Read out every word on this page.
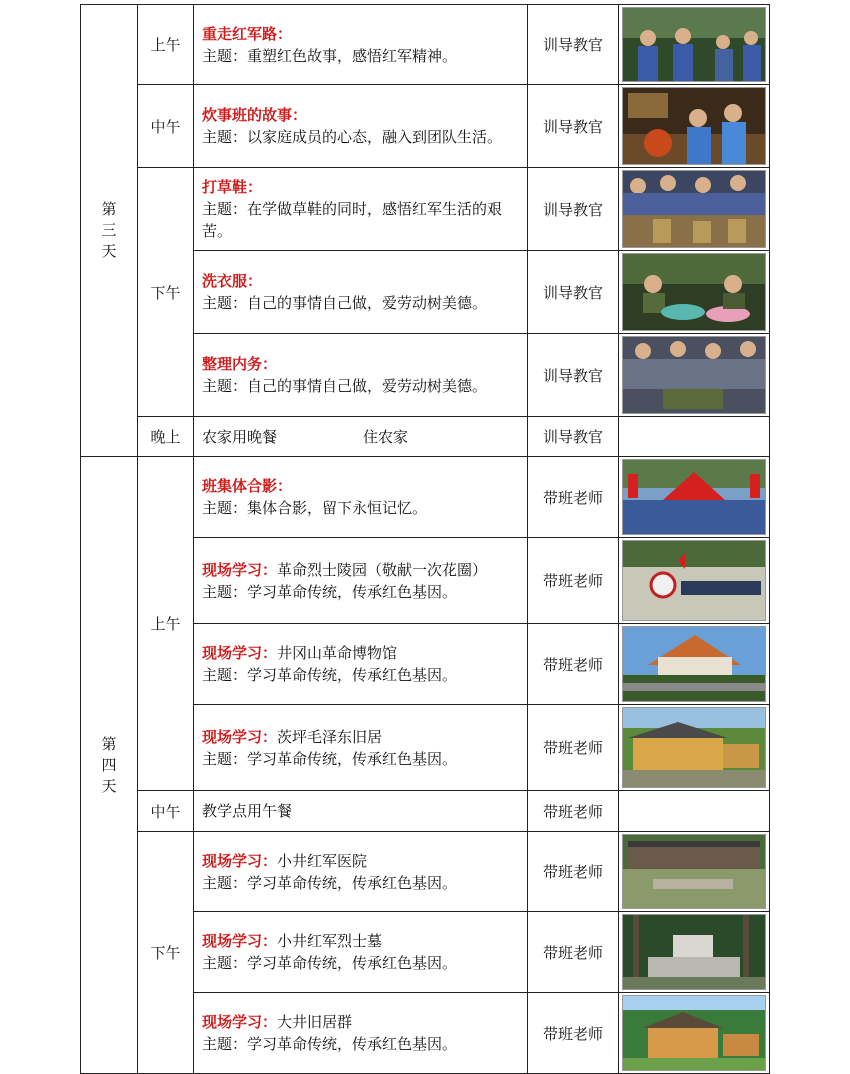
第
三
天	上午	重走红军路：
主题：重塑红色故事，感悟红军精神。	训导教官	

	中午	炊事班的故事：
主题：以家庭成员的心态，融入到团队生活。	训导教官	

	下午	打草鞋：
主题：在学做草鞋的同时，感悟红军生活的艰苦。	训导教官	

		洗衣服：
主题：自己的事情自己做，爱劳动树美德。	训导教官	

		整理内务：
主题：自己的事情自己做，爱劳动树美德。	训导教官	

	晚上	农家用晚餐 住农家	训导教官	

第
四
天	上午	班集体合影：
主题：集体合影，留下永恒记忆。	带班老师	

		现场学习：革命烈士陵园（敬献一次花圈）
主题：学习革命传统，传承红色基因。	带班老师	

		现场学习：井冈山革命博物馆
主题：学习革命传统，传承红色基因。	带班老师	

		现场学习：茨坪毛泽东旧居
主题：学习革命传统，传承红色基因。	带班老师	

	中午	教学点用午餐	带班老师	
	下午	现场学习：小井红军医院
主题：学习革命传统，传承红色基因。	带班老师	

		现场学习：小井红军烈士墓
主题：学习革命传统，传承红色基因。	带班老师	

		现场学习：大井旧居群
主题：学习革命传统，传承红色基因。	带班老师	
